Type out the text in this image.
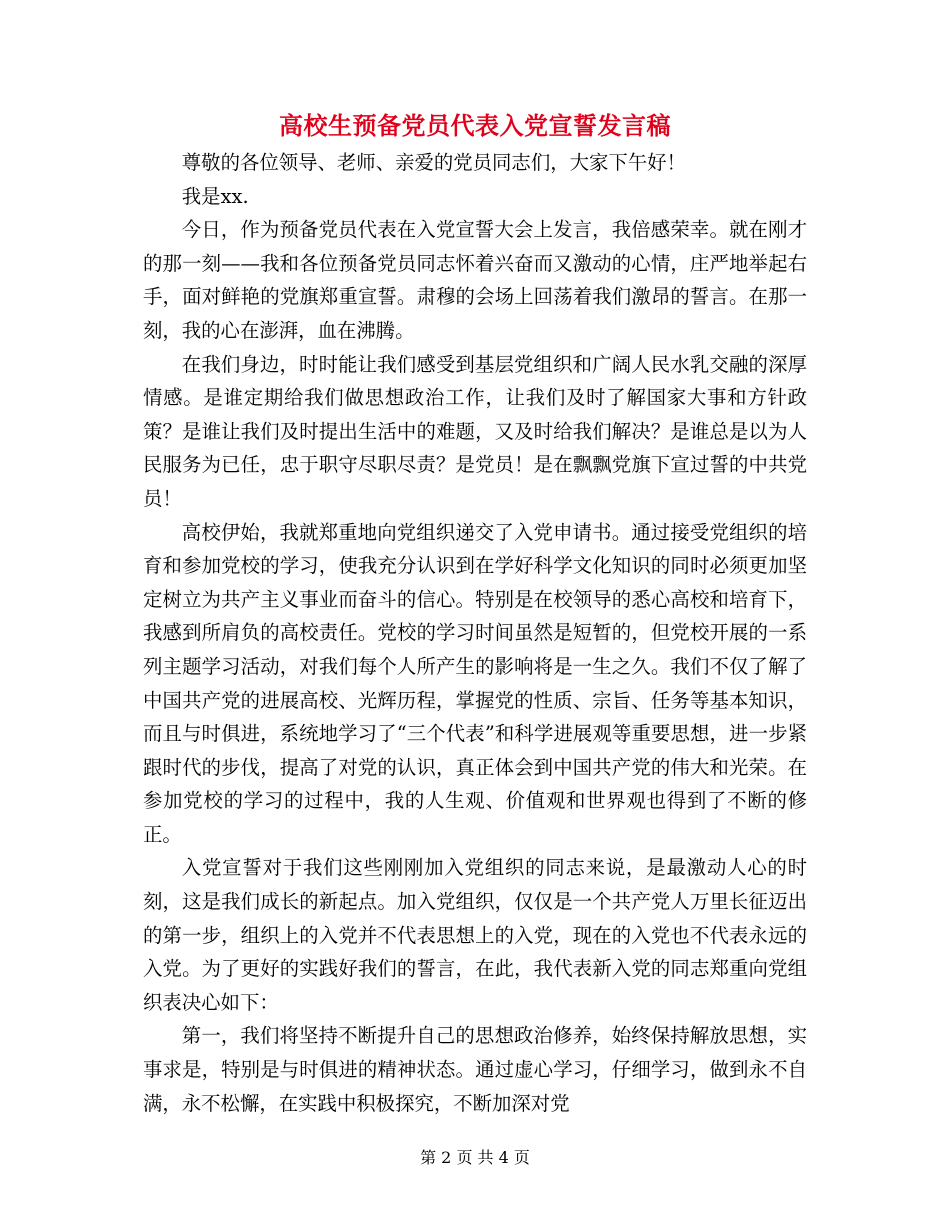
高校生预备党员代表入党宣誓发言稿

尊敬的各位领导、老师、亲爱的党员同志们，大家下午好！

我是xx.

今日，作为预备党员代表在入党宣誓大会上发言，我倍感荣幸。就在刚才的那一刻——我和各位预备党员同志怀着兴奋而又激动的心情，庄严地举起右手，面对鲜艳的党旗郑重宣誓。肃穆的会场上回荡着我们激昂的誓言。在那一刻，我的心在澎湃，血在沸腾。

在我们身边，时时能让我们感受到基层党组织和广阔人民水乳交融的深厚情感。是谁定期给我们做思想政治工作，让我们及时了解国家大事和方针政策？是谁让我们及时提出生活中的难题，又及时给我们解决？是谁总是以为人民服务为已任，忠于职守尽职尽责？是党员！是在飘飘党旗下宣过誓的中共党员！

高校伊始，我就郑重地向党组织递交了入党申请书。通过接受党组织的培育和参加党校的学习，使我充分认识到在学好科学文化知识的同时必须更加坚定树立为共产主义事业而奋斗的信心。特别是在校领导的悉心高校和培育下，我感到所肩负的高校责任。党校的学习时间虽然是短暂的，但党校开展的一系列主题学习活动，对我们每个人所产生的影响将是一生之久。我们不仅了解了中国共产党的进展高校、光辉历程，掌握党的性质、宗旨、任务等基本知识，而且与时俱进，系统地学习了“三个代表”和科学进展观等重要思想，进一步紧跟时代的步伐，提高了对党的认识，真正体会到中国共产党的伟大和光荣。在参加党校的学习的过程中，我的人生观、价值观和世界观也得到了不断的修正。

入党宣誓对于我们这些刚刚加入党组织的同志来说，是最激动人心的时刻，这是我们成长的新起点。加入党组织，仅仅是一个共产党人万里长征迈出的第一步，组织上的入党并不代表思想上的入党，现在的入党也不代表永远的入党。为了更好的实践好我们的誓言，在此，我代表新入党的同志郑重向党组织表决心如下：

第一，我们将坚持不断提升自己的思想政治修养，始终保持解放思想，实事求是，特别是与时俱进的精神状态。通过虚心学习，仔细学习，做到永不自满，永不松懈，在实践中积极探究，不断加深对党

第 2 页 共 4 页
